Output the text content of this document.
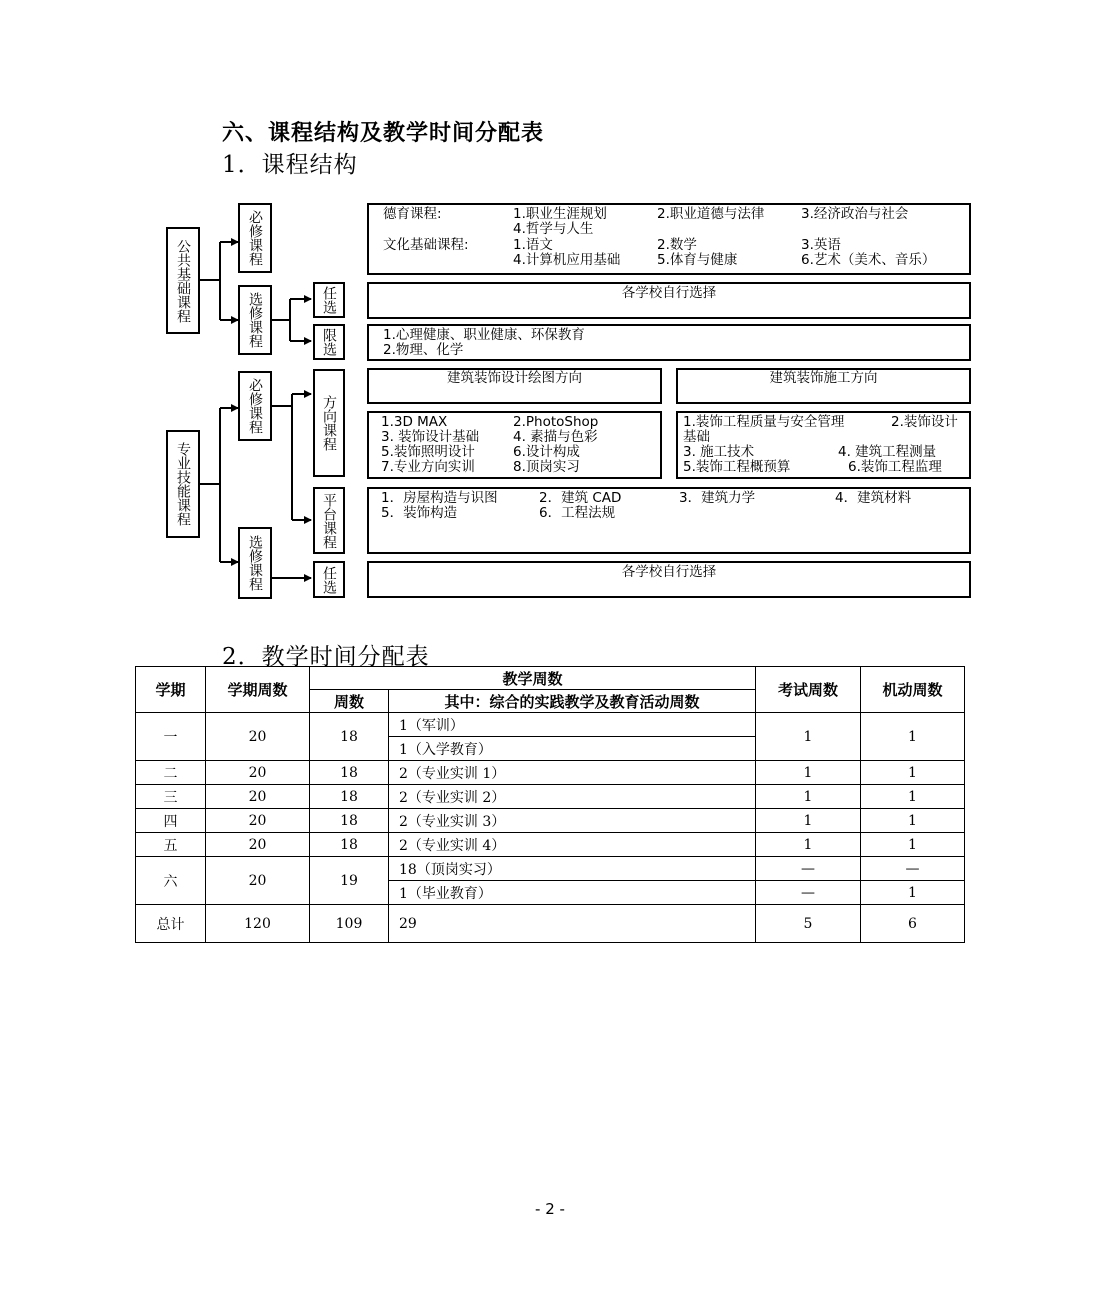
六、课程结构及教学时间分配表
1．课程结构
公共基础课程
专业技能课程
必修课程
选修课程
必修课程
选修课程
任选
限选
方向课程
平台课程
任选
德育课程:	1.职业生涯规划	2.职业道德与法律	3.经济政治与社会
4.哲学与人生
文化基础课程:	1.语文	2.数学	3.英语
4.计算机应用基础	5.体育与健康	6.艺术（美术、音乐）
各学校自行选择
1.心理健康、职业健康、环保教育
2.物理、化学
建筑装饰设计绘图方向	建筑装饰施工方向
1.3D MAX	2.PhotoShop
3. 装饰设计基础	4. 素描与色彩
5.装饰照明设计	6.设计构成
7.专业方向实训	8.顶岗实习
1.装饰工程质量与安全管理	2.装饰设计
基础
3. 施工技术	4. 建筑工程测量
5.装饰工程概预算	6.装饰工程监理
1．房屋构造与识图	2．建筑 CAD	3．建筑力学	4．建筑材料
5．装饰构造	6．工程法规
各学校自行选择
2．教学时间分配表
学期	学期周数	教学周数		考试周数	机动周数
		周数	其中：综合的实践教学及教育活动周数		
一	20	18	1（军训）	1	1
			1（入学教育）		
二	20	18	2（专业实训 1）	1	1
三	20	18	2（专业实训 2）	1	1
四	20	18	2（专业实训 3）	1	1
五	20	18	2（专业实训 4）	1	1
六	20	19	18（顶岗实习）	—	—
			1（毕业教育）	—	1
总计	120	109	29	5	6
- 2 -
